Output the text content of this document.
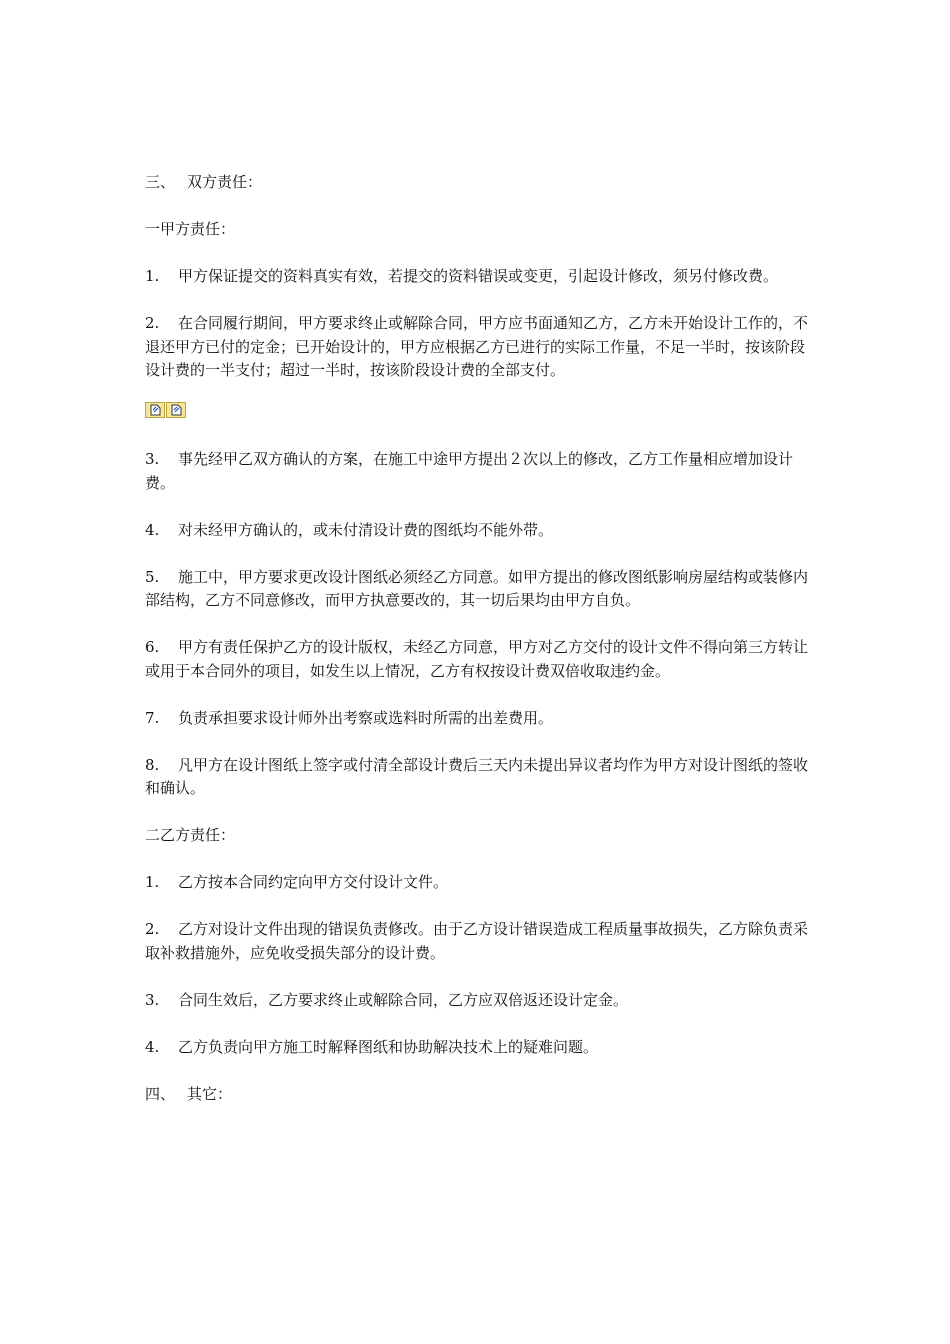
三、 双方责任：

一甲方责任：

1. 甲方保证提交的资料真实有效，若提交的资料错误或变更，引起设计修改，须另付修改费。

2. 在合同履行期间，甲方要求终止或解除合同，甲方应书面通知乙方，乙方未开始设计工作的，不退还甲方已付的定金；已开始设计的，甲方应根据乙方已进行的实际工作量，不足一半时，按该阶段设计费的一半支付；超过一半时，按该阶段设计费的全部支付。

3. 事先经甲乙双方确认的方案，在施工中途甲方提出２次以上的修改，乙方工作量相应增加设计费。

4. 对未经甲方确认的，或未付清设计费的图纸均不能外带。

5. 施工中，甲方要求更改设计图纸必须经乙方同意。如甲方提出的修改图纸影响房屋结构或装修内部结构，乙方不同意修改，而甲方执意要改的，其一切后果均由甲方自负。

6. 甲方有责任保护乙方的设计版权，未经乙方同意，甲方对乙方交付的设计文件不得向第三方转让或用于本合同外的项目，如发生以上情况，乙方有权按设计费双倍收取违约金。

7. 负责承担要求设计师外出考察或选料时所需的出差费用。

8. 凡甲方在设计图纸上签字或付清全部设计费后三天内未提出异议者均作为甲方对设计图纸的签收
和确认。

二乙方责任：

1. 乙方按本合同约定向甲方交付设计文件。

2. 乙方对设计文件出现的错误负责修改。由于乙方设计错误造成工程质量事故损失，乙方除负责采取补救措施外，应免收受损失部分的设计费。

3. 合同生效后，乙方要求终止或解除合同，乙方应双倍返还设计定金。

4. 乙方负责向甲方施工时解释图纸和协助解决技术上的疑难问题。

四、 其它：
